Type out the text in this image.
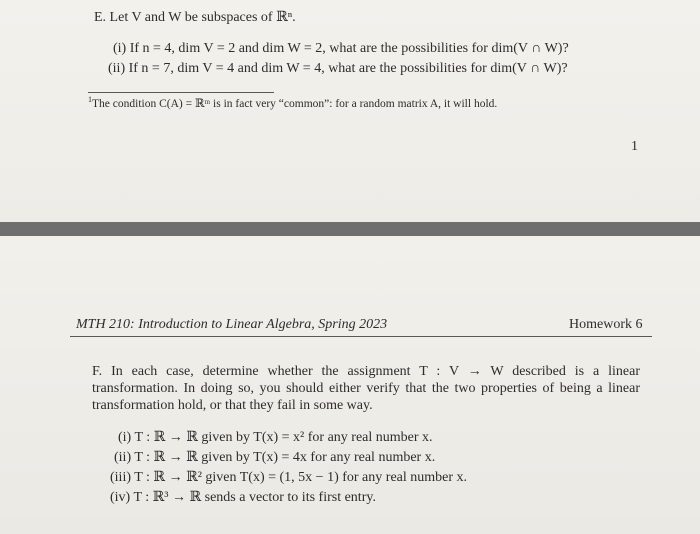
E. Let V and W be subspaces of ℝⁿ.
(i) If n = 4, dim V = 2 and dim W = 2, what are the possibilities for dim(V ∩ W)?
(ii) If n = 7, dim V = 4 and dim W = 4, what are the possibilities for dim(V ∩ W)?
$^1$The condition C(A) = ℝᵐ is in fact very “common”: for a random matrix A, it will hold.
1
MTH 210: Introduction to Linear Algebra, Spring 2023	Homework 6
F. In each case, determine whether the assignment T : V → W described is a linear transformation. In doing so, you should either verify that the two properties of being a linear transformation hold, or that they fail in some way.
(i) T : ℝ → ℝ given by T(x) = x² for any real number x.
(ii) T : ℝ → ℝ given by T(x) = 4x for any real number x.
(iii) T : ℝ → ℝ² given T(x) = (1, 5x − 1) for any real number x.
(iv) T : ℝ³ → ℝ sends a vector to its first entry.
